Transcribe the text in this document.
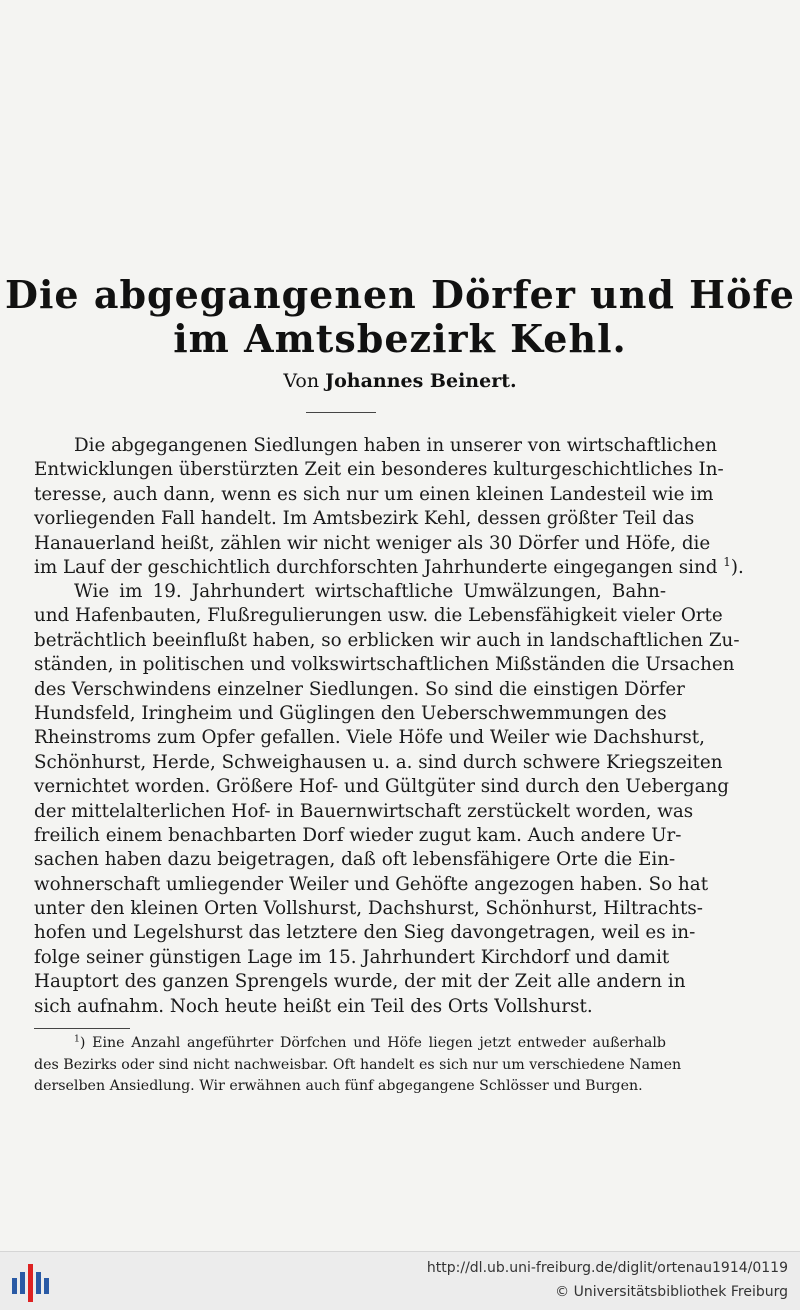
Die abgegangenen Dörfer und Höfe
im Amtsbezirk Kehl.
Von Johannes Beinert.
Die abgegangenen Siedlungen haben in unserer von wirtschaftlichen
Entwicklungen überstürzten Zeit ein besonderes kulturgeschichtliches In-
teresse, auch dann, wenn es sich nur um einen kleinen Landesteil wie im
vorliegenden Fall handelt. Im Amtsbezirk Kehl, dessen größter Teil das
Hanauerland heißt, zählen wir nicht weniger als 30 Dörfer und Höfe, die
im Lauf der geschichtlich durchforschten Jahrhunderte eingegangen sind $^1$).
Wie im 19. Jahrhundert wirtschaftliche Umwälzungen, Bahn-
und Hafenbauten, Flußregulierungen usw. die Lebensfähigkeit vieler Orte
beträchtlich beeinflußt haben, so erblicken wir auch in landschaftlichen Zu-
ständen, in politischen und volkswirtschaftlichen Mißständen die Ursachen
des Verschwindens einzelner Siedlungen. So sind die einstigen Dörfer
Hundsfeld, Iringheim und Güglingen den Ueberschwemmungen des
Rheinstroms zum Opfer gefallen. Viele Höfe und Weiler wie Dachshurst,
Schönhurst, Herde, Schweighausen u. a. sind durch schwere Kriegszeiten
vernichtet worden. Größere Hof- und Gültgüter sind durch den Uebergang
der mittelalterlichen Hof- in Bauernwirtschaft zerstückelt worden, was
freilich einem benachbarten Dorf wieder zugut kam. Auch andere Ur-
sachen haben dazu beigetragen, daß oft lebensfähigere Orte die Ein-
wohnerschaft umliegender Weiler und Gehöfte angezogen haben. So hat
unter den kleinen Orten Vollshurst, Dachshurst, Schönhurst, Hiltrachts-
hofen und Legelshurst das letztere den Sieg davongetragen, weil es in-
folge seiner günstigen Lage im 15. Jahrhundert Kirchdorf und damit
Hauptort des ganzen Sprengels wurde, der mit der Zeit alle andern in
sich aufnahm. Noch heute heißt ein Teil des Orts Vollshurst.
$^1$) Eine Anzahl angeführter Dörfchen und Höfe liegen jetzt entweder außerhalb
des Bezirks oder sind nicht nachweisbar. Oft handelt es sich nur um verschiedene Namen
derselben Ansiedlung. Wir erwähnen auch fünf abgegangene Schlösser und Burgen.
http://dl.ub.uni-freiburg.de/diglit/ortenau1914/0119
© Universitätsbibliothek Freiburg
